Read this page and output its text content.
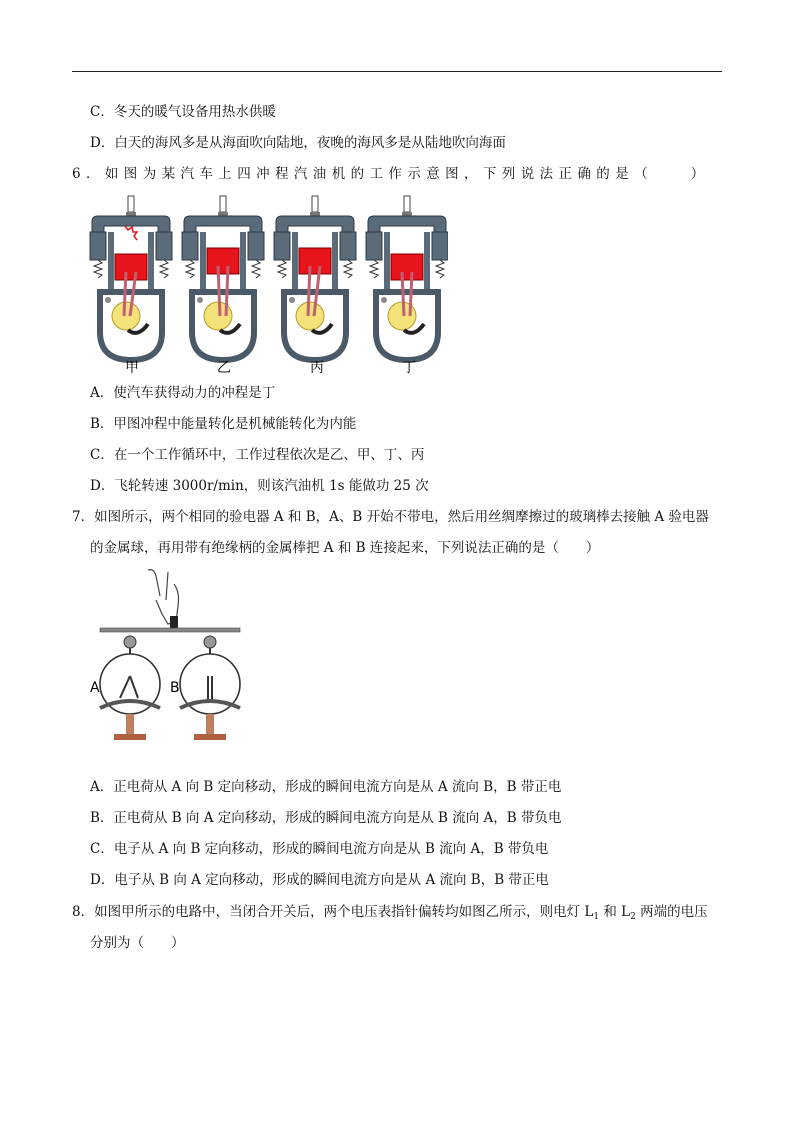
C．冬天的暖气设备用热水供暖
D．白天的海风多是从海面吹向陆地，夜晚的海风多是从陆地吹向海面
6．如图为某汽车上四冲程汽油机的工作示意图，下列说法正确的是（　　）
甲	乙	丙	丁
A．使汽车获得动力的冲程是丁
B．甲图冲程中能量转化是机械能转化为内能
C．在一个工作循环中，工作过程依次是乙、甲、丁、丙
D．飞轮转速 3000r/min，则该汽油机 1s 能做功 25 次
7．如图所示，两个相同的验电器 A 和 B，A、B 开始不带电，然后用丝绸摩擦过的玻璃棒去接触 A 验电器
的金属球，再用带有绝缘柄的金属棒把 A 和 B 连接起来，下列说法正确的是（　　）
A	B
A．正电荷从 A 向 B 定向移动，形成的瞬间电流方向是从 A 流向 B，B 带正电
B．正电荷从 B 向 A 定向移动，形成的瞬间电流方向是从 B 流向 A，B 带负电
C．电子从 A 向 B 定向移动，形成的瞬间电流方向是从 B 流向 A，B 带负电
D．电子从 B 向 A 定向移动，形成的瞬间电流方向是从 A 流向 B，B 带正电
8．如图甲所示的电路中，当闭合开关后，两个电压表指针偏转均如图乙所示，则电灯 $L_1$ 和 $L_2$ 两端的电压
分别为（　　）
